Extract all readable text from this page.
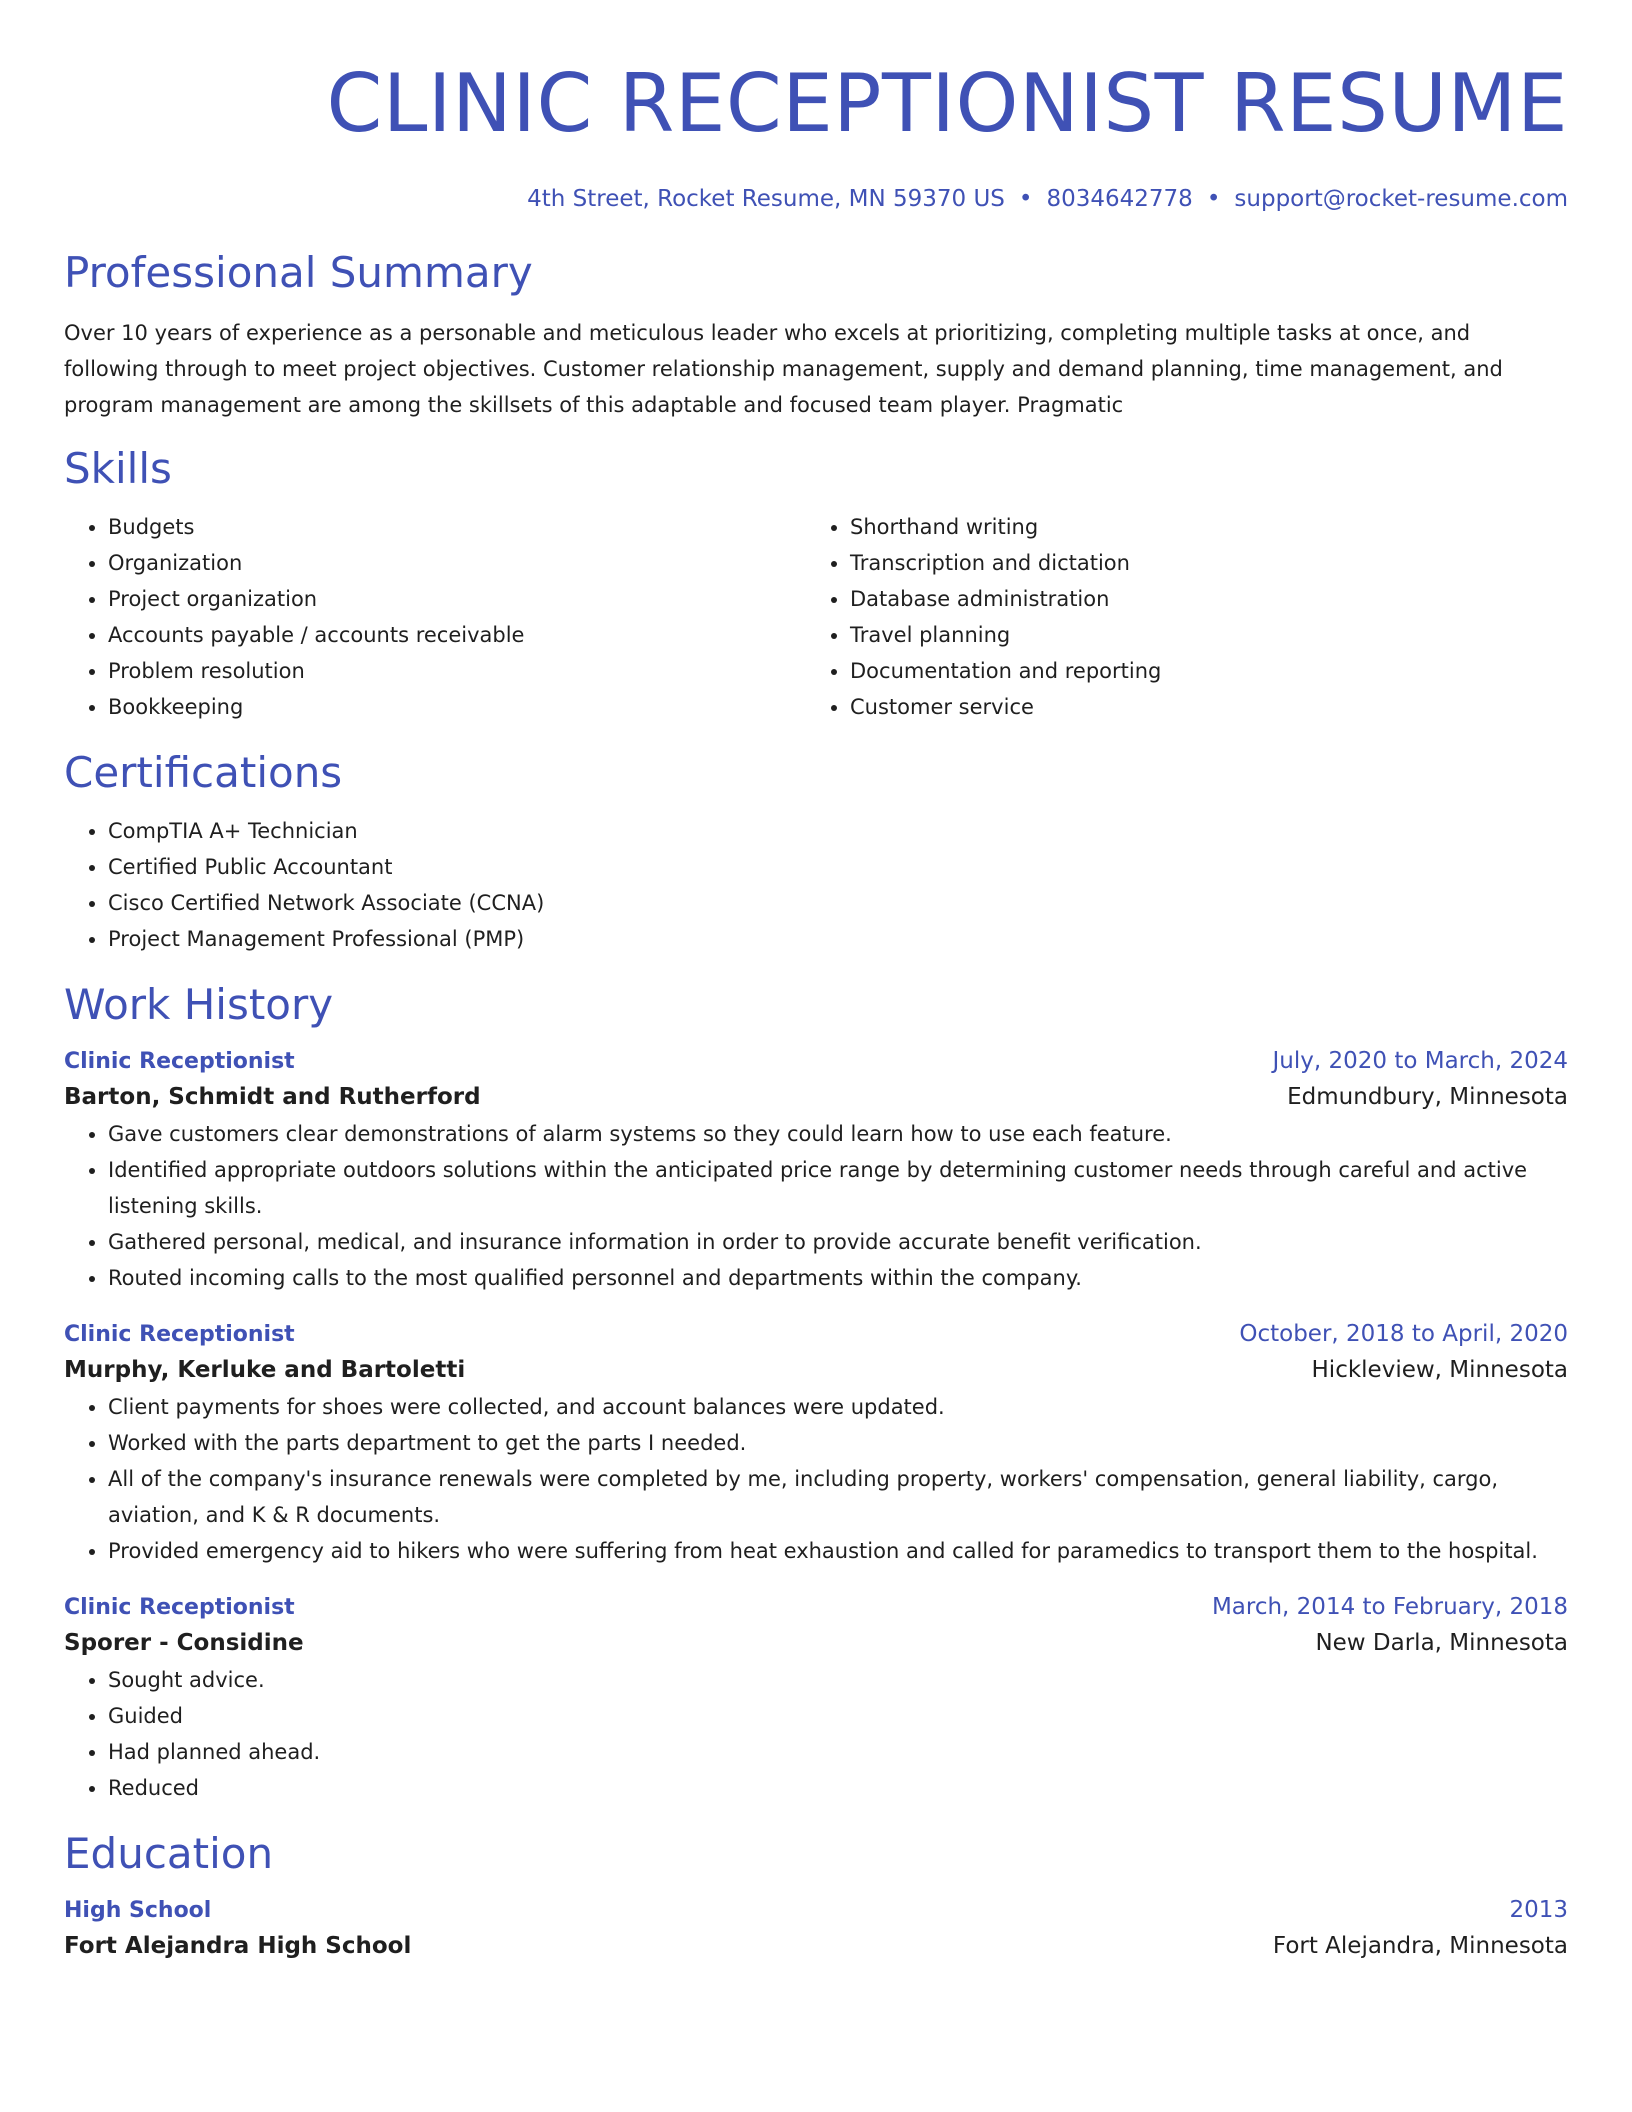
CLINIC RECEPTIONIST RESUME
4th Street, Rocket Resume, MN 59370 US • 8034642778 • support@rocket-resume.com
Professional Summary

Over 10 years of experience as a personable and meticulous leader who excels at prioritizing, completing multiple tasks at once, and following through to meet project objectives. Customer relationship management, supply and demand planning, time management, and program management are among the skillsets of this adaptable and focused team player. Pragmatic

Skills
• Budgets
• Organization
• Project organization
• Accounts payable / accounts receivable
• Problem resolution
• Bookkeeping
• Shorthand writing
• Transcription and dictation
• Database administration
• Travel planning
• Documentation and reporting
• Customer service
Certifications
• CompTIA A+ Technician
• Certified Public Accountant
• Cisco Certified Network Associate (CCNA)
• Project Management Professional (PMP)
Work History
Clinic Receptionist	July, 2020 to March, 2024
Barton, Schmidt and Rutherford	Edmundbury, Minnesota
• Gave customers clear demonstrations of alarm systems so they could learn how to use each feature.
• Identified appropriate outdoors solutions within the anticipated price range by determining customer needs through careful and active listening skills.
• Gathered personal, medical, and insurance information in order to provide accurate benefit verification.
• Routed incoming calls to the most qualified personnel and departments within the company.
Clinic Receptionist	October, 2018 to April, 2020
Murphy, Kerluke and Bartoletti	Hickleview, Minnesota
• Client payments for shoes were collected, and account balances were updated.
• Worked with the parts department to get the parts I needed.
• All of the company's insurance renewals were completed by me, including property, workers' compensation, general liability, cargo, aviation, and K & R documents.
• Provided emergency aid to hikers who were suffering from heat exhaustion and called for paramedics to transport them to the hospital.
Clinic Receptionist	March, 2014 to February, 2018
Sporer - Considine	New Darla, Minnesota
• Sought advice.
• Guided
• Had planned ahead.
• Reduced
Education
High School	2013
Fort Alejandra High School	Fort Alejandra, Minnesota
